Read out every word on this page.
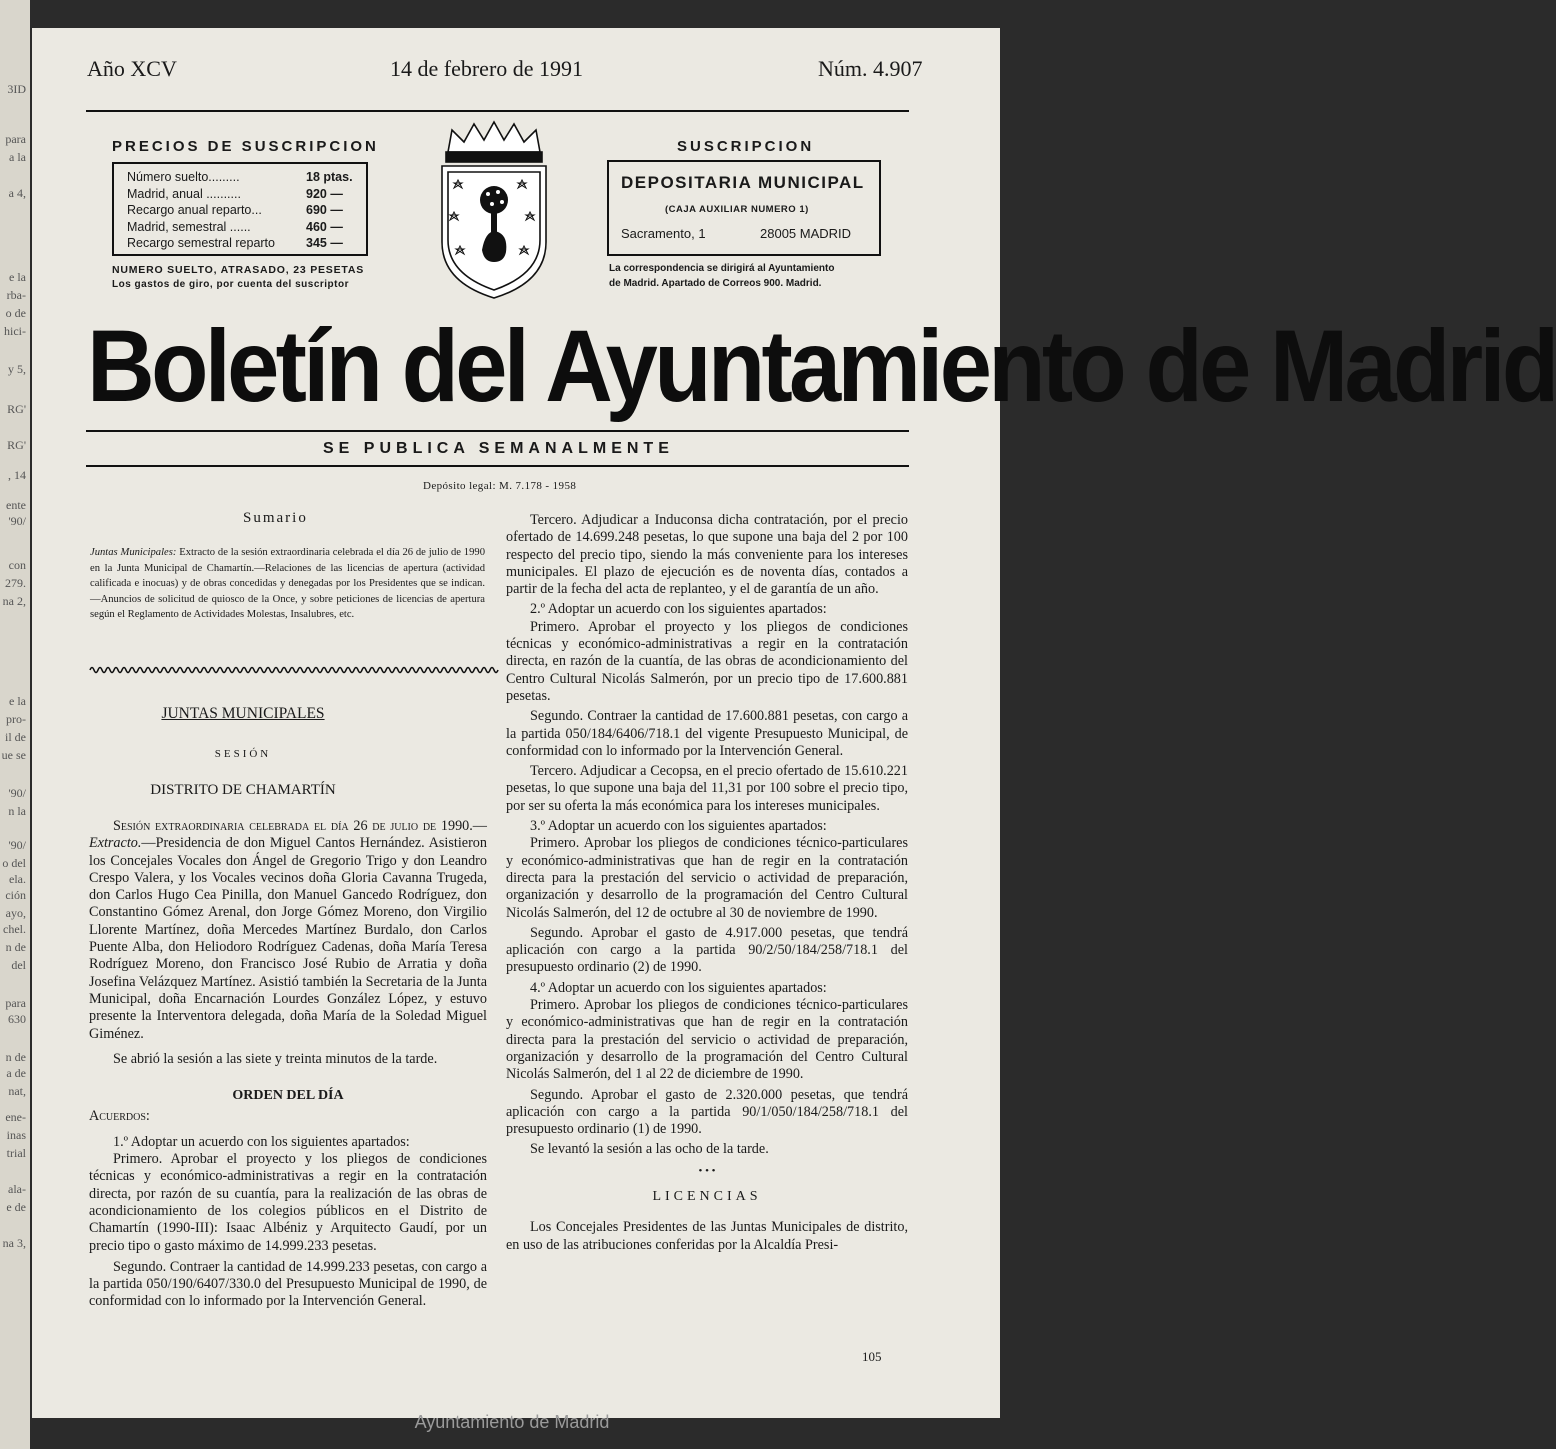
3ID
para
a la
a 4,
e la
rba-
o de
hici-
y 5,
RG'
RG'
, 14
ente
'90/
con
279.
na 2,
e la
pro-
il de
ue se
'90/
n la
'90/
o del
ela.
ción
ayo,
chel.
n de
del
para
630
n de
a de
nat,
ene-
inas
trial
ala-
e de
na 3,
Año XCV	14 de febrero de 1991	Núm. 4.907
PRECIOS DE SUSCRIPCION
Número suelto.........	18 ptas.
Madrid, anual ..........	920 —
Recargo anual reparto...	690 —
Madrid, semestral ......	460 —
Recargo semestral reparto 345 —
NUMERO SUELTO, ATRASADO, 23 PESETAS
Los gastos de giro, por cuenta del suscriptor
SUSCRIPCION
DEPOSITARIA MUNICIPAL
(CAJA AUXILIAR NUMERO 1)
Sacramento, 1	28005 MADRID
La correspondencia se dirigirá al Ayuntamiento
de Madrid. Apartado de Correos 900. Madrid.
Boletín del Ayuntamiento de Madrid
SE PUBLICA SEMANALMENTE
Depósito legal: M. 7.178 - 1958
Sumario

Juntas Municipales: Extracto de la sesión extraordinaria celebrada el día 26 de julio de 1990 en la Junta Municipal de Chamartín.—Relaciones de las licencias de apertura (actividad calificada e inocuas) y de obras concedidas y denegadas por los Presidentes que se indican.—Anuncios de solicitud de quiosco de la Once, y sobre peticiones de licencias de apertura según el Reglamento de Actividades Molestas, Insalubres, etc.

JUNTAS MUNICIPALES
SESIÓN
DISTRITO DE CHAMARTÍN

Sesión extraordinaria celebrada el día 26 de julio de 1990.—Extracto.—Presidencia de don Miguel Cantos Hernández. Asistieron los Concejales Vocales don Ángel de Gregorio Trigo y don Leandro Crespo Valera, y los Vocales vecinos doña Gloria Cavanna Trugeda, don Carlos Hugo Cea Pinilla, don Manuel Gancedo Rodríguez, don Constantino Gómez Arenal, don Jorge Gómez Moreno, don Virgilio Llorente Martínez, doña Mercedes Martínez Burdalo, don Carlos Puente Alba, don Heliodoro Rodríguez Cadenas, doña María Teresa Rodríguez Moreno, don Francisco José Rubio de Arratia y doña Josefina Velázquez Martínez. Asistió también la Secretaria de la Junta Municipal, doña Encarnación Lourdes González López, y estuvo presente la Interventora delegada, doña María de la Soledad Miguel Giménez.

Se abrió la sesión a las siete y treinta minutos de la tarde.

ORDEN DEL DÍA

Acuerdos:

1.º Adoptar un acuerdo con los siguientes apartados:

Primero. Aprobar el proyecto y los pliegos de condiciones técnicas y económico-administrativas a regir en la contratación directa, por razón de su cuantía, para la realización de las obras de acondicionamiento de los colegios públicos en el Distrito de Chamartín (1990-III): Isaac Albéniz y Arquitecto Gaudí, por un precio tipo o gasto máximo de 14.999.233 pesetas.

Segundo. Contraer la cantidad de 14.999.233 pesetas, con cargo a la partida 050/190/6407/330.0 del Presupuesto Municipal de 1990, de conformidad con lo informado por la Intervención General.

Tercero. Adjudicar a Induconsa dicha contratación, por el precio ofertado de 14.699.248 pesetas, lo que supone una baja del 2 por 100 respecto del precio tipo, siendo la más conveniente para los intereses municipales. El plazo de ejecución es de noventa días, contados a partir de la fecha del acta de replanteo, y el de garantía de un año.

2.º Adoptar un acuerdo con los siguientes apartados:

Primero. Aprobar el proyecto y los pliegos de condiciones técnicas y económico-administrativas a regir en la contratación directa, en razón de la cuantía, de las obras de acondicionamiento del Centro Cultural Nicolás Salmerón, por un precio tipo de 17.600.881 pesetas.

Segundo. Contraer la cantidad de 17.600.881 pesetas, con cargo a la partida 050/184/6406/718.1 del vigente Presupuesto Municipal, de conformidad con lo informado por la Intervención General.

Tercero. Adjudicar a Cecopsa, en el precio ofertado de 15.610.221 pesetas, lo que supone una baja del 11,31 por 100 sobre el precio tipo, por ser su oferta la más económica para los intereses municipales.

3.º Adoptar un acuerdo con los siguientes apartados:

Primero. Aprobar los pliegos de condiciones técnico-particulares y económico-administrativas que han de regir en la contratación directa para la prestación del servicio o actividad de preparación, organización y desarrollo de la programación del Centro Cultural Nicolás Salmerón, del 12 de octubre al 30 de noviembre de 1990.

Segundo. Aprobar el gasto de 4.917.000 pesetas, que tendrá aplicación con cargo a la partida 90/2/50/184/258/718.1 del presupuesto ordinario (2) de 1990.

4.º Adoptar un acuerdo con los siguientes apartados:

Primero. Aprobar los pliegos de condiciones técnico-particulares y económico-administrativas que han de regir en la contratación directa para la prestación del servicio o actividad de preparación, organización y desarrollo de la programación del Centro Cultural Nicolás Salmerón, del 1 al 22 de diciembre de 1990.

Segundo. Aprobar el gasto de 2.320.000 pesetas, que tendrá aplicación con cargo a la partida 90/1/050/184/258/718.1 del presupuesto ordinario (1) de 1990.

Se levantó la sesión a las ocho de la tarde.

• • •
LICENCIAS

Los Concejales Presidentes de las Juntas Municipales de distrito, en uso de las atribuciones conferidas por la Alcaldía Presi-

105
Ayuntamiento de Madrid
